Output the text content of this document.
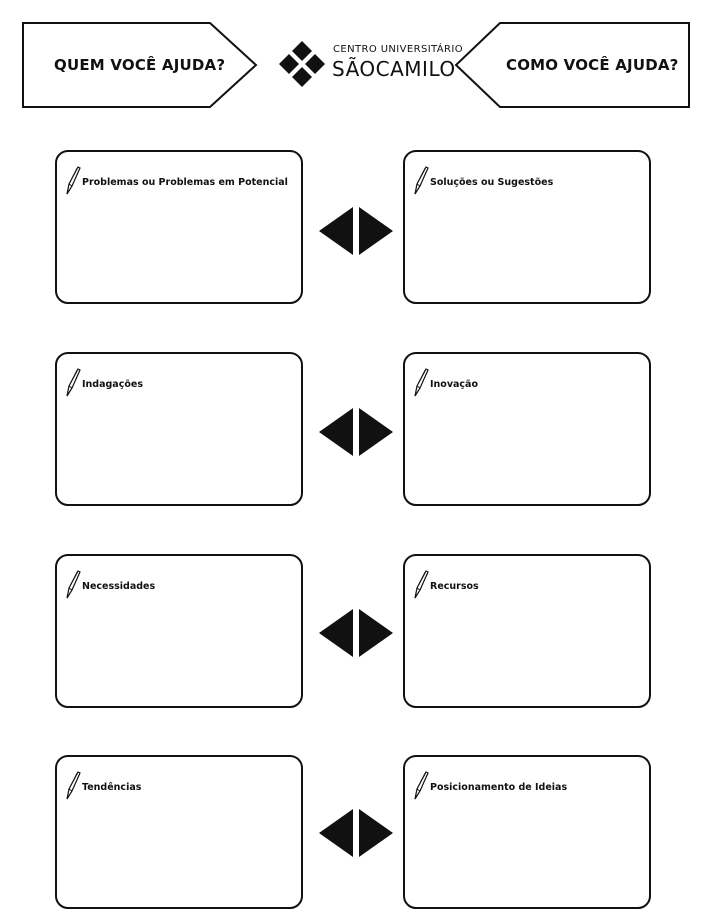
QUEM VOCÊ AJUDA?
CENTRO UNIVERSITÁRIO
SÃOCAMILO	COMO VOCÊ AJUDA?
Problemas ou Problemas em Potencial	Soluções ou Sugestões
Indagações	Inovação
Necessidades	Recursos
Tendências	Posicionamento de Ideias
